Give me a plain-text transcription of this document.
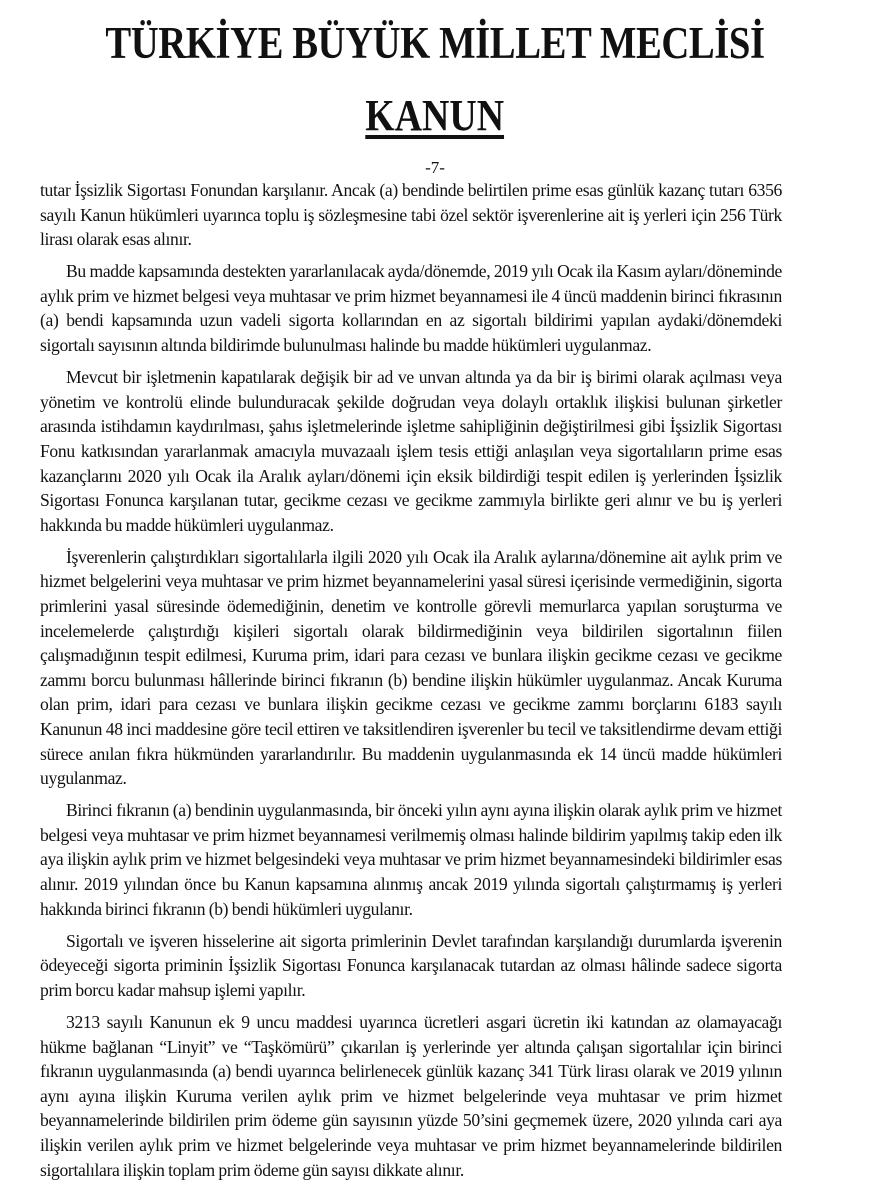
TÜRKİYE BÜYÜK MİLLET MECLİSİ
KANUN
-7-

tutar İşsizlik Sigortası Fonundan karşılanır. Ancak (a) bendinde belirtilen prime esas günlük kazanç tutarı 6356 sayılı Kanun hükümleri uyarınca toplu iş sözleşmesine tabi özel sektör işverenlerine ait iş yerleri için 256 Türk lirası olarak esas alınır.

Bu madde kapsamında destekten yararlanılacak ayda/dönemde, 2019 yılı Ocak ila Kasım ayları/döneminde aylık prim ve hizmet belgesi veya muhtasar ve prim hizmet beyannamesi ile 4 üncü maddenin birinci fıkrasının (a) bendi kapsamında uzun vadeli sigorta kollarından en az sigortalı bildirimi yapılan aydaki/dönemdeki sigortalı sayısının altında bildirimde bulunulması halinde bu madde hükümleri uygulanmaz.

Mevcut bir işletmenin kapatılarak değişik bir ad ve unvan altında ya da bir iş birimi olarak açılması veya yönetim ve kontrolü elinde bulunduracak şekilde doğrudan veya dolaylı ortaklık ilişkisi bulunan şirketler arasında istihdamın kaydırılması, şahıs işletmelerinde işletme sahipliğinin değiştirilmesi gibi İşsizlik Sigortası Fonu katkısından yararlanmak amacıyla muvazaalı işlem tesis ettiği anlaşılan veya sigortalıların prime esas kazançlarını 2020 yılı Ocak ila Aralık ayları/dönemi için eksik bildirdiği tespit edilen iş yerlerinden İşsizlik Sigortası Fonunca karşılanan tutar, gecikme cezası ve gecikme zammıyla birlikte geri alınır ve bu iş yerleri hakkında bu madde hükümleri uygulanmaz.

İşverenlerin çalıştırdıkları sigortalılarla ilgili 2020 yılı Ocak ila Aralık aylarına/dönemine ait aylık prim ve hizmet belgelerini veya muhtasar ve prim hizmet beyannamelerini yasal süresi içerisinde vermediğinin, sigorta primlerini yasal süresinde ödemediğinin, denetim ve kontrolle görevli memurlarca yapılan soruşturma ve incelemelerde çalıştırdığı kişileri sigortalı olarak bildirmediğinin veya bildirilen sigortalının fiilen çalışmadığının tespit edilmesi, Kuruma prim, idari para cezası ve bunlara ilişkin gecikme cezası ve gecikme zammı borcu bulunması hâllerinde birinci fıkranın (b) bendine ilişkin hükümler uygulanmaz. Ancak Kuruma olan prim, idari para cezası ve bunlara ilişkin gecikme cezası ve gecikme zammı borçlarını 6183 sayılı Kanunun 48 inci maddesine göre tecil ettiren ve taksitlendiren işverenler bu tecil ve taksitlendirme devam ettiği sürece anılan fıkra hükmünden yararlandırılır. Bu maddenin uygulanmasında ek 14 üncü madde hükümleri uygulanmaz.

Birinci fıkranın (a) bendinin uygulanmasında, bir önceki yılın aynı ayına ilişkin olarak aylık prim ve hizmet belgesi veya muhtasar ve prim hizmet beyannamesi verilmemiş olması halinde bildirim yapılmış takip eden ilk aya ilişkin aylık prim ve hizmet belgesindeki veya muhtasar ve prim hizmet beyannamesindeki bildirimler esas alınır. 2019 yılından önce bu Kanun kapsamına alınmış ancak 2019 yılında sigortalı çalıştırmamış iş yerleri hakkında birinci fıkranın (b) bendi hükümleri uygulanır.

Sigortalı ve işveren hisselerine ait sigorta primlerinin Devlet tarafından karşılandığı durumlarda işverenin ödeyeceği sigorta priminin İşsizlik Sigortası Fonunca karşılanacak tutardan az olması hâlinde sadece sigorta prim borcu kadar mahsup işlemi yapılır.

3213 sayılı Kanunun ek 9 uncu maddesi uyarınca ücretleri asgari ücretin iki katından az olamayacağı hükme bağlanan “Linyit” ve “Taşkömürü” çıkarılan iş yerlerinde yer altında çalışan sigortalılar için birinci fıkranın uygulanmasında (a) bendi uyarınca belirlenecek günlük kazanç 341 Türk lirası olarak ve 2019 yılının aynı ayına ilişkin Kuruma verilen aylık prim ve hizmet belgelerinde veya muhtasar ve prim hizmet beyannamelerinde bildirilen prim ödeme gün sayısının yüzde 50’sini geçmemek üzere, 2020 yılında cari aya ilişkin verilen aylık prim ve hizmet belgelerinde veya muhtasar ve prim hizmet beyannamelerinde bildirilen sigortalılara ilişkin toplam prim ödeme gün sayısı dikkate alınır.
